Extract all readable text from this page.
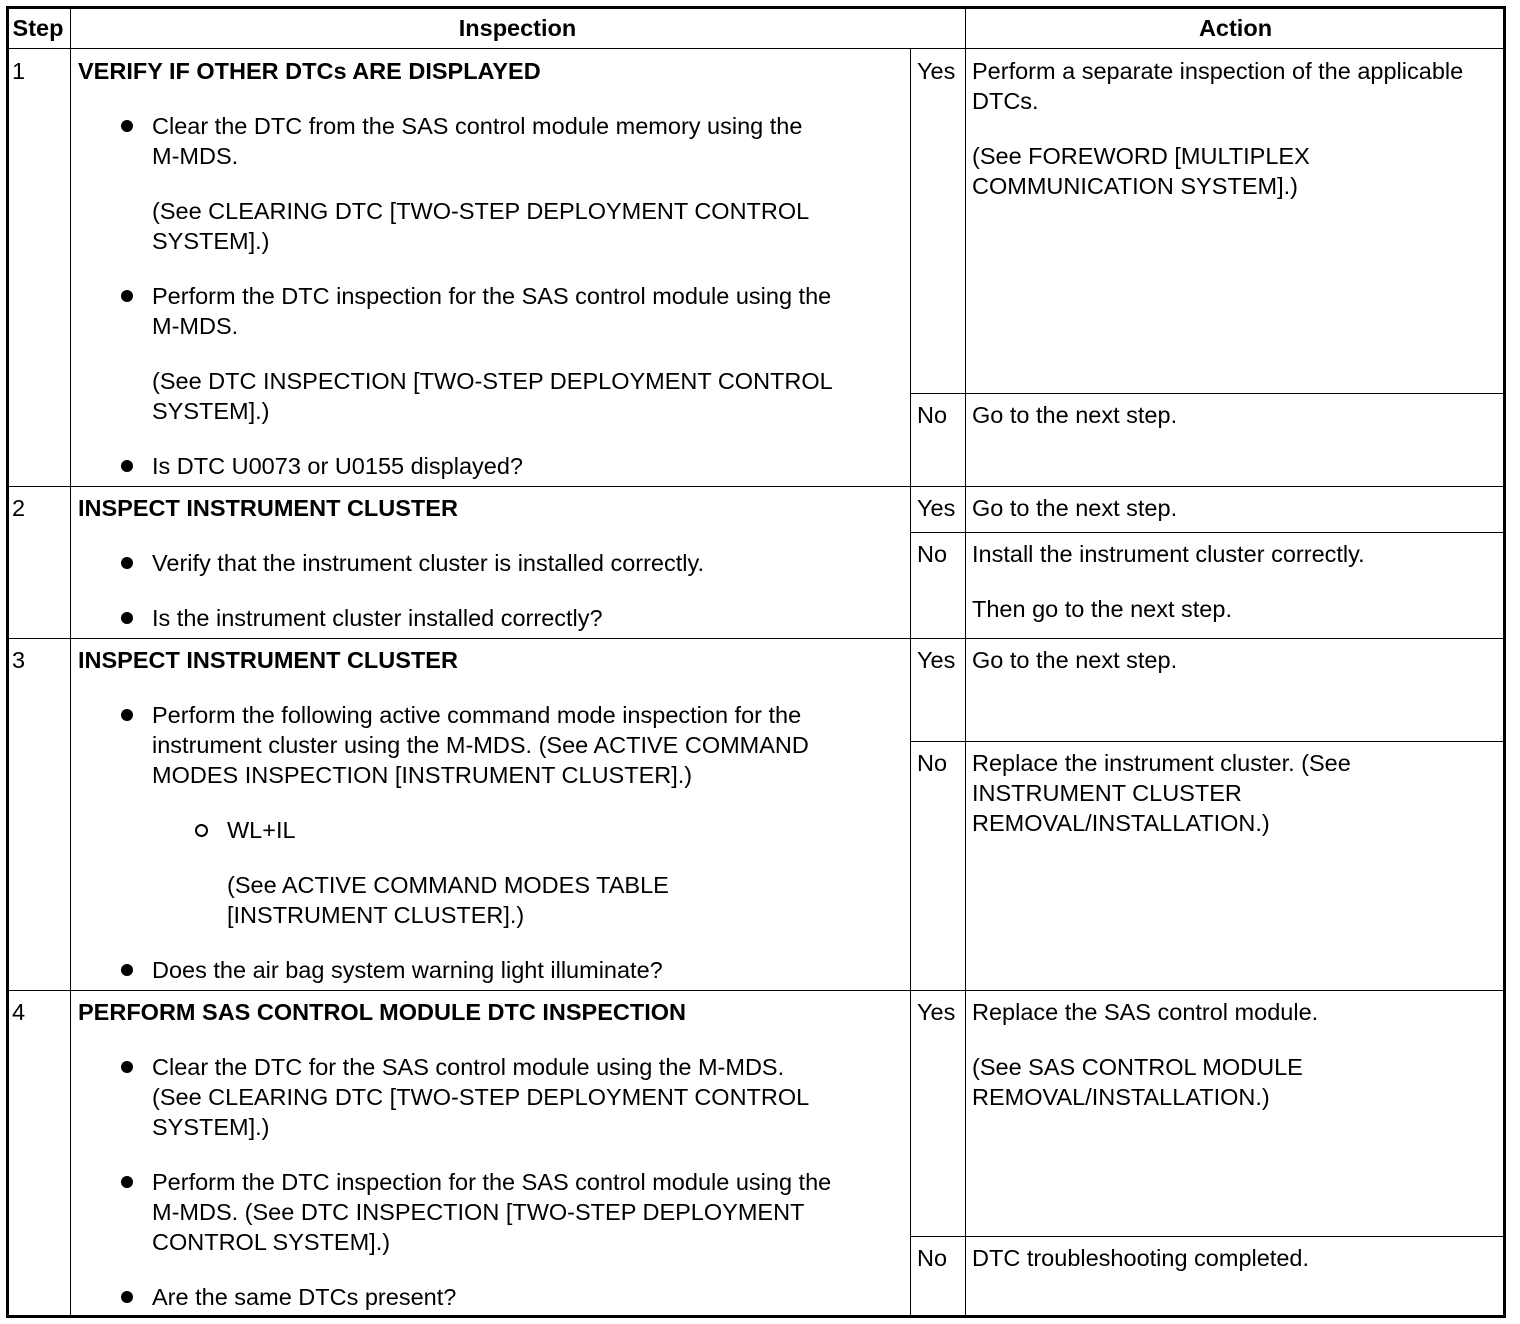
Step	Inspection	Action
1 VERIFY IF OTHER DTCs ARE DISPLAYED
Clear the DTC from the SAS control module memory using the
M-MDS.
(See CLEARING DTC [TWO-STEP DEPLOYMENT CONTROL
SYSTEM].)
Perform the DTC inspection for the SAS control module using the
M-MDS.
(See DTC INSPECTION [TWO-STEP DEPLOYMENT CONTROL
SYSTEM].)
Is DTC U0073 or U0155 displayed?
Yes Perform a separate inspection of the applicable
DTCs.
(See FOREWORD [MULTIPLEX
COMMUNICATION SYSTEM].)
No Go to the next step.
2 INSPECT INSTRUMENT CLUSTER
Verify that the instrument cluster is installed correctly.
Is the instrument cluster installed correctly?
Yes Go to the next step.
No Install the instrument cluster correctly.
Then go to the next step.
3 INSPECT INSTRUMENT CLUSTER
Perform the following active command mode inspection for the
instrument cluster using the M-MDS. (See ACTIVE COMMAND
MODES INSPECTION [INSTRUMENT CLUSTER].)
WL+IL
(See ACTIVE COMMAND MODES TABLE
[INSTRUMENT CLUSTER].)
Does the air bag system warning light illuminate?
Yes Go to the next step.
No Replace the instrument cluster. (See
INSTRUMENT CLUSTER
REMOVAL/INSTALLATION.)
4 PERFORM SAS CONTROL MODULE DTC INSPECTION
Clear the DTC for the SAS control module using the M-MDS.
(See CLEARING DTC [TWO-STEP DEPLOYMENT CONTROL
SYSTEM].)
Perform the DTC inspection for the SAS control module using the
M-MDS. (See DTC INSPECTION [TWO-STEP DEPLOYMENT
CONTROL SYSTEM].)
Are the same DTCs present?
Yes Replace the SAS control module.
(See SAS CONTROL MODULE
REMOVAL/INSTALLATION.)
No DTC troubleshooting completed.
